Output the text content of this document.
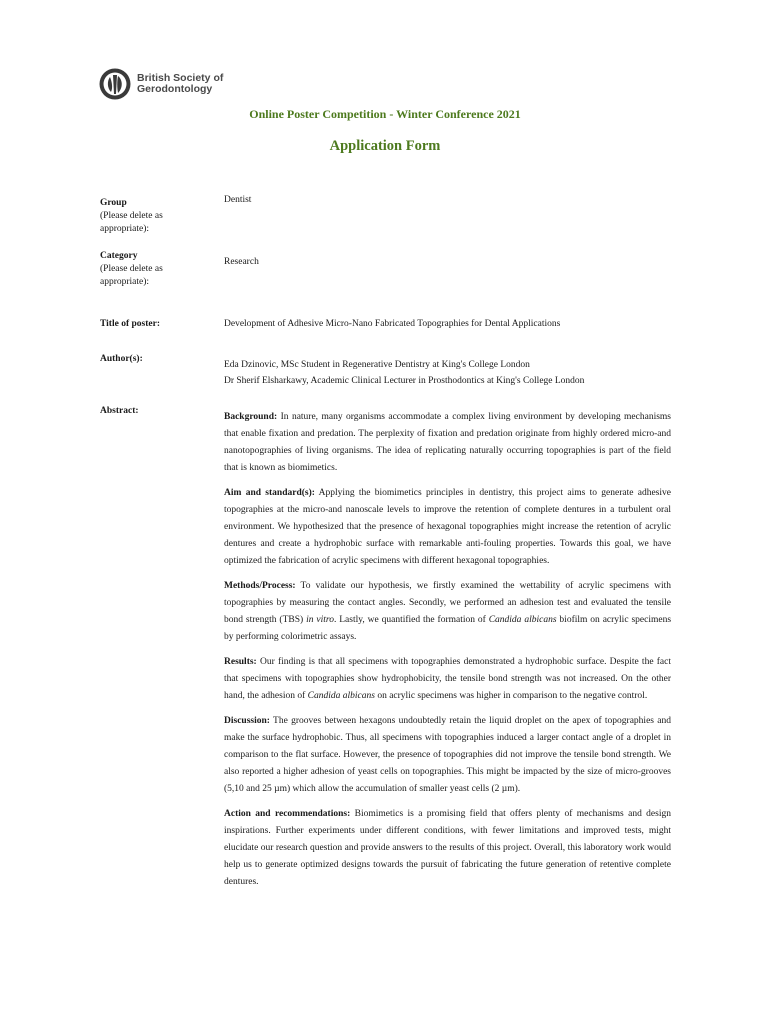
British Society of
Gerodontology
Online Poster Competition - Winter Conference 2021
Application Form
Group
(Please delete as
appropriate):
Dentist
Category
(Please delete as
appropriate):
Research
Title of poster:	Development of Adhesive Micro-Nano Fabricated Topographies for Dental Applications
Author(s):
Eda Dzinovic, MSc Student in Regenerative Dentistry at King's College London
Dr Sherif Elsharkawy, Academic Clinical Lecturer in Prosthodontics at King's College London
Abstract:

Background: In nature, many organisms accommodate a complex living environment by developing mechanisms that enable fixation and predation. The perplexity of fixation and predation originate from highly ordered micro-and nanotopographies of living organisms. The idea of replicating naturally occurring topographies is part of the field that is known as biomimetics.

Aim and standard(s): Applying the biomimetics principles in dentistry, this project aims to generate adhesive topographies at the micro-and nanoscale levels to improve the retention of complete dentures in a turbulent oral environment. We hypothesized that the presence of hexagonal topographies might increase the retention of acrylic dentures and create a hydrophobic surface with remarkable anti-fouling properties. Towards this goal, we have optimized the fabrication of acrylic specimens with different hexagonal topographies.

Methods/Process: To validate our hypothesis, we firstly examined the wettability of acrylic specimens with topographies by measuring the contact angles. Secondly, we performed an adhesion test and evaluated the tensile bond strength (TBS) in vitro. Lastly, we quantified the formation of Candida albicans biofilm on acrylic specimens by performing colorimetric assays.

Results: Our finding is that all specimens with topographies demonstrated a hydrophobic surface. Despite the fact that specimens with topographies show hydrophobicity, the tensile bond strength was not increased. On the other hand, the adhesion of Candida albicans on acrylic specimens was higher in comparison to the negative control.

Discussion: The grooves between hexagons undoubtedly retain the liquid droplet on the apex of topographies and make the surface hydrophobic. Thus, all specimens with topographies induced a larger contact angle of a droplet in comparison to the flat surface. However, the presence of topographies did not improve the tensile bond strength. We also reported a higher adhesion of yeast cells on topographies. This might be impacted by the size of micro-grooves (5,10 and 25 µm) which allow the accumulation of smaller yeast cells (2 µm).

Action and recommendations: Biomimetics is a promising field that offers plenty of mechanisms and design inspirations. Further experiments under different conditions, with fewer limitations and improved tests, might elucidate our research question and provide answers to the results of this project. Overall, this laboratory work would help us to generate optimized designs towards the pursuit of fabricating the future generation of retentive complete dentures.
